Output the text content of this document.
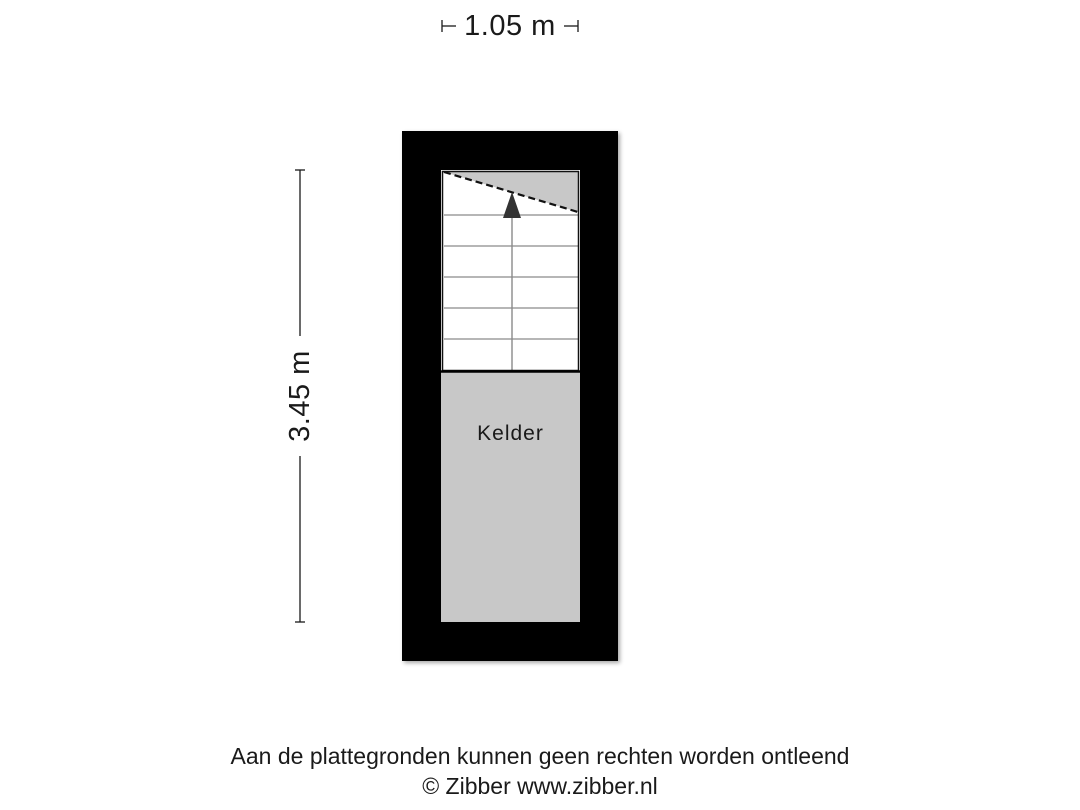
1.05 m
3.45 m	Kelder
Aan de plattegronden kunnen geen rechten worden ontleend
© Zibber www.zibber.nl
